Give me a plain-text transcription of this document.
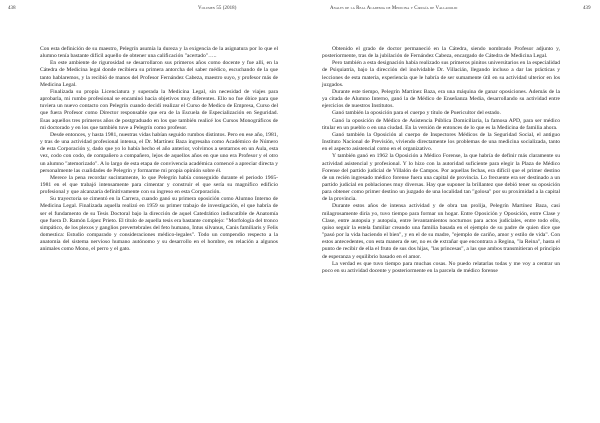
438	Volumen 55 (2018)

Con esta definición de su maestro, Pelegrín asumía la dureza y la exigencia de la asignatura por lo que el alumno tenía bastante difícil aquello de obtener una calificación "acertado"…..

En este ambiente de rigurosidad se desarrollaron sus primeros años como docente y fue allí, en la Cátedra de Medicina legal donde recibiera su primera antorcha del saber médico, escuchando de la que tanto hablaremos, y la recibió de manos del Profesor Fernández Cabeza, maestro suyo, y profesor más de Medicina Legal.

Finalizada su propia Licenciatura y superada la Medicina Legal, sin necesidad de viajes para aprobarla, mi rumbo profesional se encaminó hacia objetivos muy diferentes. Ello no fue óbice para que tuviera un nuevo contacto con Pelegrín cuando decidí realizar el Curso de Medico de Empresa, Curso del que fuera Profesor como Director responsable que era de la Escuela de Especialización en Seguridad. Esas aquellos tres primeros años de postgraduado en los que también realicé los Cursos Monográficos de mi doctorado y en los que también tuve a Pelegrín como profesor.

Desde entonces, y hasta 1981, nuestras vidas habían seguido rumbos distintos. Pero en ese año, 1981, y tras de una actividad profesional intensa, el Dr. Martínez Baza ingresaba como Académico de Número de esta Corporación y, dado que yo lo había hecho el año anterior, volvimos a sentarnos en un Aula, esta vez, codo con codo, de compañero a compañero, lejos de aquellos años en que uno era Profesor y el otro un alumno "atemorizado". A lo largo de esta etapa de convivencia académica comencé a apreciar directa y personalmente las cualidades de Pelegrín y formarme mi propia opinión sobre él.

Merece la pena recordar sucintamente, lo que Pelegrín había conseguido durante el periodo 1965-1981 en el que trabajó intensamente para cimentar y construir el que sería su magnífico edificio profesional y que alcanzaría definitivamente con su ingreso en esta Corporación.

Su trayectoria se cimentó en la Carrera, cuando ganó su primera oposición como Alumno Interno de Medicina Legal. Finalizada aquella realizó en 1959 su primer trabajo de investigación, el que habría de ser el fundamento de su Tesis Doctoral bajo la dirección de aquel Catedrático indiscutible de Anatomía que fuera D. Ramón López Prieto. El título de aquella tesis era bastante complejo: "Morfología del tronco simpático, de los plexos y ganglios prevertebrales del feto humano, Intus silvanus, Canis familiaris y Felis domestica: Estudio comparado y consideraciones médico-legales". Todo un compendio respecto a la anatomía del sistema nervioso humano autónomo y su desarrollo en el hombre, en relación a algunos animales como Mono, el perro y el gato.

Anales de la Real Academia de Medicina y Cirugía de Valladolid	439

Obtenido el grado de doctor permaneció en la Cátedra, siendo nombrado Profesor adjunto y, posteriormente, tras de la jubilación de Fernández Cabeza, encargado de Cátedra de Medicina Legal.

Pero también a esta designación había realizado sus primeros pinitos universitarios en la especialidad de Psiquiatría, bajo la dirección del inolvidable Dr. Villacián, llegando incluso a dar las prácticas y lecciones de esta materia, experiencia que le habría de ser sumamente útil en su actividad ulterior en los juzgados.

Durante este tiempo, Pelegrín Martínez Baza, era una máquina de ganar oposiciones. Además de la ya citada de Alumno Interno, ganó la de Médico de Enseñanza Media, desarrollando su actividad entre ejercicios de nuestros Institutos.

Ganó también la oposición para el cuerpo y título de Puericultor del estado.

Ganó la oposición de Médico de Asistencia Pública Domiciliaria, la famosa APD, para ser médico titular en un pueblo o en una ciudad. En la versión de entonces de lo que es la Medicina de familia ahora.

Ganó también la Oposición al cuerpo de Inspectores Médicos de la Seguridad Social, el antiguo Instituto Nacional de Previsión, viviendo directamente los problemas de una medicina socializada, tanto en el aspecto asistencial como en el organizativo.

Y también ganó en 1962 la Oposición a Médico Forense, la que habría de definir más claramente su actividad asistencial y profesional. Y lo hizo con la autoridad suficiente para elegir la Plaza de Médico Forense del partido judicial de Villalón de Campos. Por aquellas fechas, era difícil que el primer destino de un recién ingresado médico forense fuera una capital de provincia. Lo frecuente era ser destinado a un partido judicial en poblaciones muy diversas. Hay que suponer la brillantez que debió tener su oposición para obtener como primer destino un juzgado de una localidad tan "golosa" por su proximidad a la capital de la provincia.

Durante estos años de intensa actividad y de obra tan prolija, Pelegrín Martínez Baza, casi milagrosamente diría yo, tuvo tiempo para formar un hogar. Entre Oposición y Oposición, entre Clase y Clase, entre autopsia y autopsia, entre levantamientos nocturnos para actos judiciales, entre todo ello, quiso seguir la estela familiar creando una familia basada en el ejemplo de su padre de quien dice que "pasó por la vida haciendo el bien", y en el de su madre, "ejemplo de cariño, amor y estilo de vida". Con estos antecedentes, con esta manera de ser, no es de extrañar que encontrara a Regina, "la Reina", hasta el punto de recibir de ella el fruto de sus dos hijas, "las princesas", a las que ambos transmitieran el principio de esperanza y equilibrio basado en el amor.

La verdad es que tuvo tiempo para muchas cosas. No puedo relatarlas todas y me voy a centrar un poco en su actividad docente y posteriormente en la parcela de médico forense
